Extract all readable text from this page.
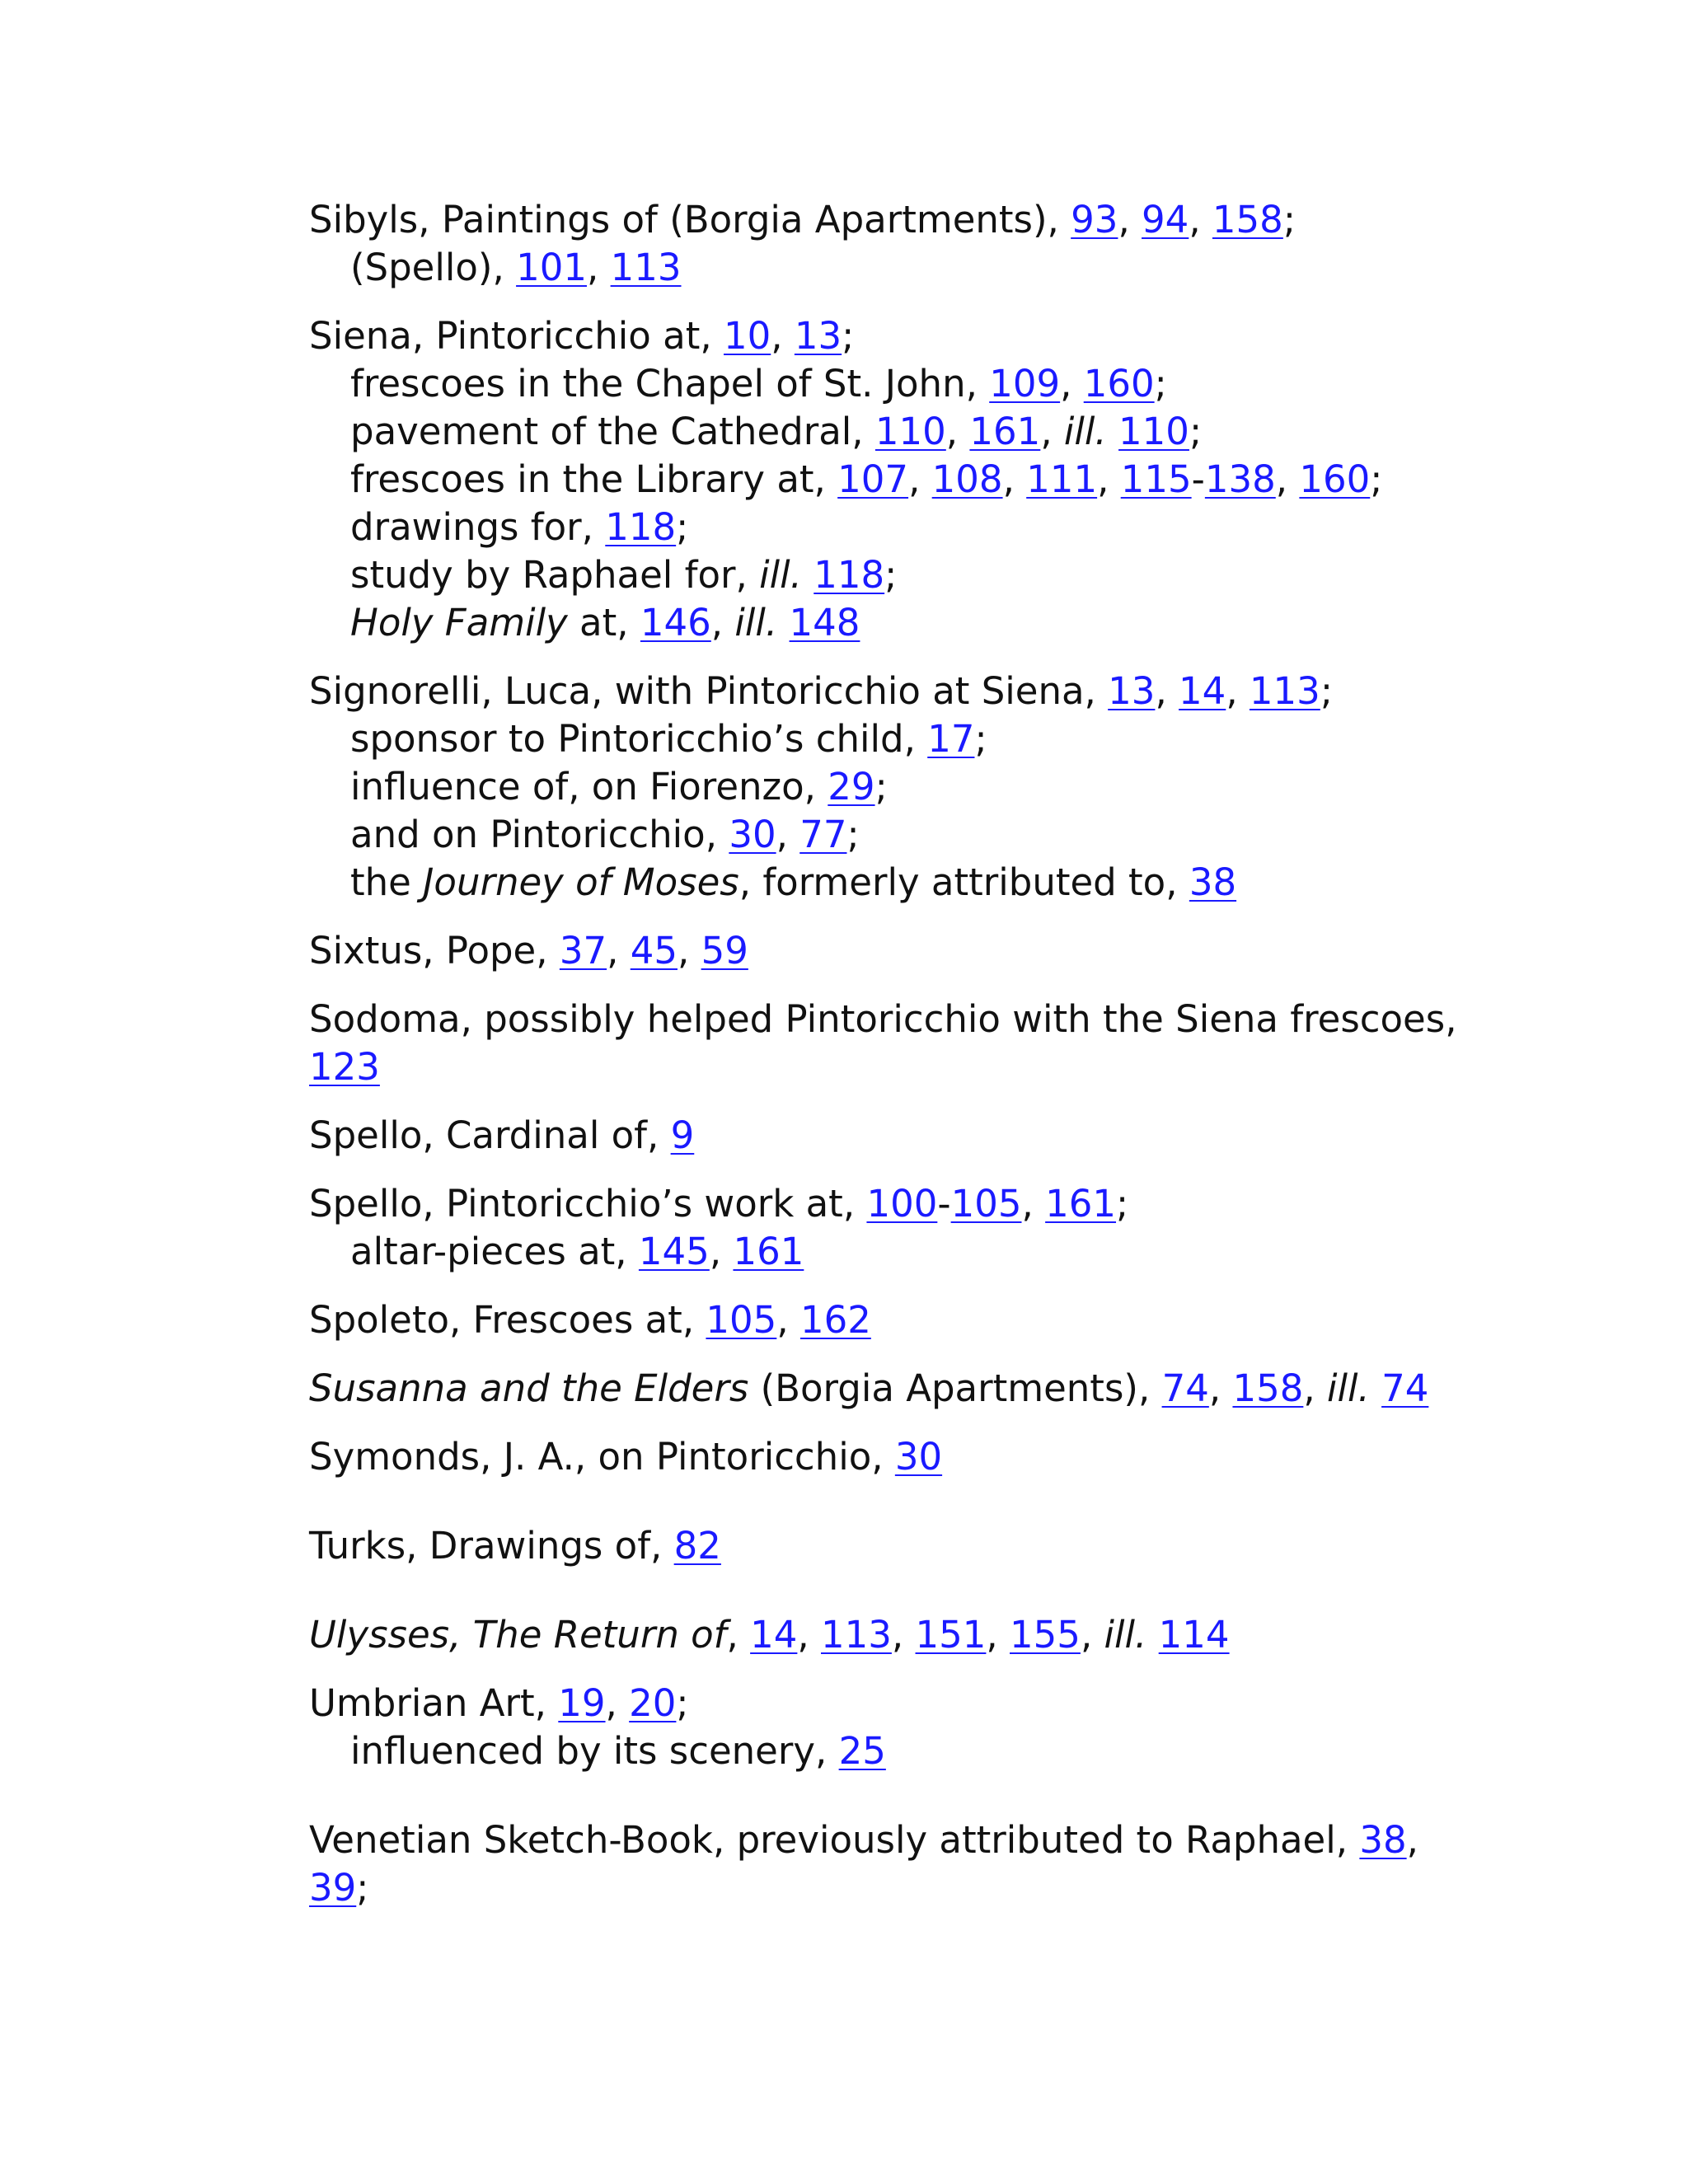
Sibyls, Paintings of (Borgia Apartments), 93, 94, 158;
(Spello), 101, 113
Siena, Pintoricchio at, 10, 13;
frescoes in the Chapel of St. John, 109, 160;
pavement of the Cathedral, 110, 161, ill. 110;
frescoes in the Library at, 107, 108, 111, 115-138, 160;
drawings for, 118;
study by Raphael for, ill. 118;
Holy Family at, 146, ill. 148
Signorelli, Luca, with Pintoricchio at Siena, 13, 14, 113;
sponsor to Pintoricchio’s child, 17;
influence of, on Fiorenzo, 29;
and on Pintoricchio, 30, 77;
the Journey of Moses, formerly attributed to, 38
Sixtus, Pope, 37, 45, 59
Sodoma, possibly helped Pintoricchio with the Siena frescoes, 123
Spello, Cardinal of, 9
Spello, Pintoricchio’s work at, 100-105, 161;
altar-pieces at, 145, 161
Spoleto, Frescoes at, 105, 162
Susanna and the Elders (Borgia Apartments), 74, 158, ill. 74
Symonds, J. A., on Pintoricchio, 30
Turks, Drawings of, 82
Ulysses, The Return of, 14, 113, 151, 155, ill. 114
Umbrian Art, 19, 20;
influenced by its scenery, 25
Venetian Sketch-Book, previously attributed to Raphael, 38, 39;
